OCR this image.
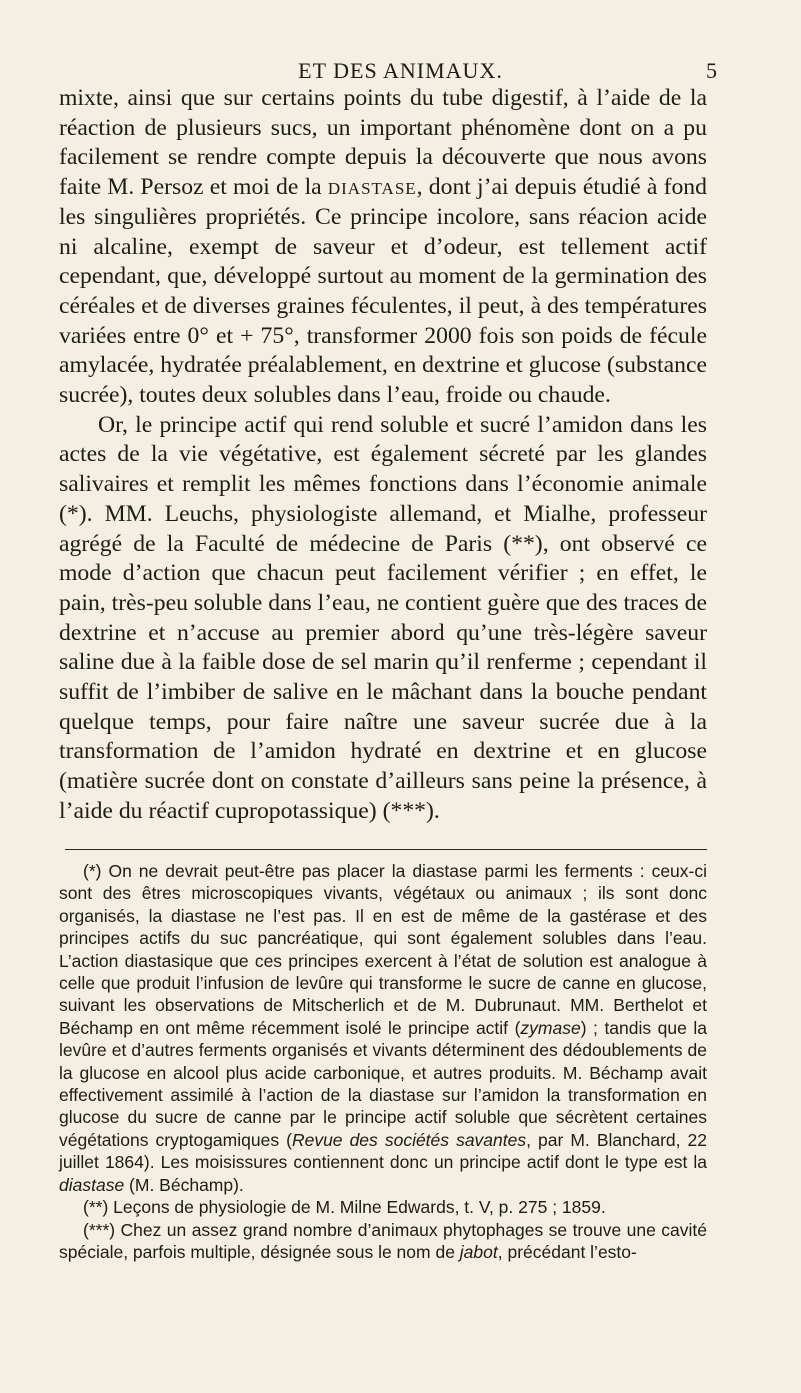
ET DES ANIMAUX.	5

mixte, ainsi que sur certains points du tube digestif, à l’aide de la réaction de plusieurs sucs, un important phénomène dont on a pu facilement se rendre compte depuis la découverte que nous avons faite M. Persoz et moi de la diastase, dont j’ai depuis étudié à fond les singulières propriétés. Ce principe incolore, sans réacion acide ni alcaline, exempt de saveur et d’odeur, est tellement actif cependant, que, développé surtout au moment de la germination des céréales et de diverses graines féculentes, il peut, à des températures variées entre 0° et + 75°, transformer 2000 fois son poids de fécule amylacée, hydratée préalablement, en dextrine et glucose (substance sucrée), toutes deux solubles dans l’eau, froide ou chaude.

Or, le principe actif qui rend soluble et sucré l’amidon dans les actes de la vie végétative, est également sécreté par les glandes salivaires et remplit les mêmes fonctions dans l’économie animale (*). MM. Leuchs, physiologiste allemand, et Mialhe, professeur agrégé de la Faculté de médecine de Paris (**), ont observé ce mode d’action que chacun peut facilement vérifier ; en effet, le pain, très-peu soluble dans l’eau, ne contient guère que des traces de dextrine et n’accuse au premier abord qu’une très-légère saveur saline due à la faible dose de sel marin qu’il renferme ; cependant il suffit de l’imbiber de salive en le mâchant dans la bouche pendant quelque temps, pour faire naître une saveur sucrée due à la transformation de l’amidon hydraté en dextrine et en glucose (matière sucrée dont on constate d’ailleurs sans peine la présence, à l’aide du réactif cupropotassique) (***).

(*) On ne devrait peut-être pas placer la diastase parmi les ferments : ceux-ci sont des êtres microscopiques vivants, végétaux ou animaux ; ils sont donc organisés, la diastase ne l’est pas. Il en est de même de la gastérase et des principes actifs du suc pancréatique, qui sont également solubles dans l’eau. L’action diastasique que ces principes exercent à l’état de solution est analogue à celle que produit l’infusion de levûre qui transforme le sucre de canne en glucose, suivant les observations de Mitscherlich et de M. Dubrunaut. MM. Berthelot et Béchamp en ont même récemment isolé le principe actif (zymase) ; tandis que la levûre et d’autres ferments organisés et vivants déterminent des dédoublements de la glucose en alcool plus acide carbonique, et autres produits. M. Béchamp avait effectivement assimilé à l’action de la diastase sur l’amidon la transformation en glucose du sucre de canne par le principe actif soluble que sécrètent certaines végétations cryptogamiques (Revue des sociétés savantes, par M. Blanchard, 22 juillet 1864). Les moisissures contiennent donc un principe actif dont le type est la diastase (M. Béchamp).

(**) Leçons de physiologie de M. Milne Edwards, t. V, p. 275 ; 1859.

(***) Chez un assez grand nombre d’animaux phytophages se trouve une cavité spéciale, parfois multiple, désignée sous le nom de jabot, précédant l’esto-
